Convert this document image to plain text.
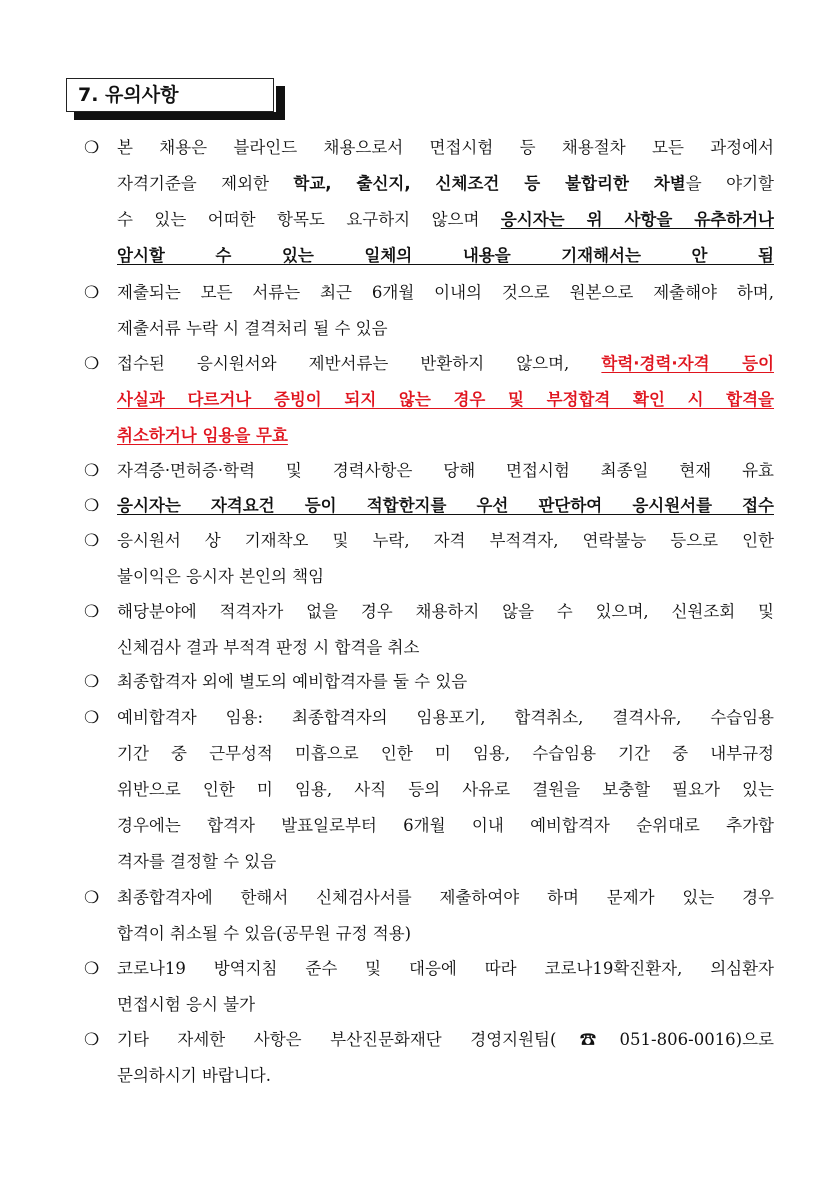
7. 유의사항
❍	본 채용은 블라인드 채용으로서 면접시험 등 채용절차 모든 과정에서
자격기준을 제외한 학교, 출신지, 신체조건 등 불합리한 차별을 야기할
수 있는 어떠한 항목도 요구하지 않으며 응시자는 위 사항을 유추하거나
암시할 수 있는 일체의 내용을 기재해서는 안 됨
❍	제출되는 모든 서류는 최근 6개월 이내의 것으로 원본으로 제출해야 하며,
제출서류 누락 시 결격처리 될 수 있음
❍	접수된 응시원서와 제반서류는 반환하지 않으며, 학력·경력·자격 등이
사실과 다르거나 증빙이 되지 않는 경우 및 부정합격 확인 시 합격을
취소하거나 임용을 무효
❍	자격증·면허증·학력 및 경력사항은 당해 면접시험 최종일 현재 유효
❍	응시자는 자격요건 등이 적합한지를 우선 판단하여 응시원서를 접수
❍	응시원서 상 기재착오 및 누락, 자격 부적격자, 연락불능 등으로 인한
불이익은 응시자 본인의 책임
❍	해당분야에 적격자가 없을 경우 채용하지 않을 수 있으며, 신원조회 및
신체검사 결과 부적격 판정 시 합격을 취소
❍	최종합격자 외에 별도의 예비합격자를 둘 수 있음
❍	예비합격자 임용: 최종합격자의 임용포기, 합격취소, 결격사유, 수습임용
기간 중 근무성적 미흡으로 인한 미 임용, 수습임용 기간 중 내부규정
위반으로 인한 미 임용, 사직 등의 사유로 결원을 보충할 필요가 있는
경우에는 합격자 발표일로부터 6개월 이내 예비합격자 순위대로 추가합
격자를 결정할 수 있음
❍	최종합격자에 한해서 신체검사서를 제출하여야 하며 문제가 있는 경우
합격이 취소될 수 있음(공무원 규정 적용)
❍	코로나19 방역지침 준수 및 대응에 따라 코로나19확진환자, 의심환자
면접시험 응시 불가
❍	기타 자세한 사항은 부산진문화재단 경영지원팀(☎051-806-0016)으로
문의하시기 바랍니다.
